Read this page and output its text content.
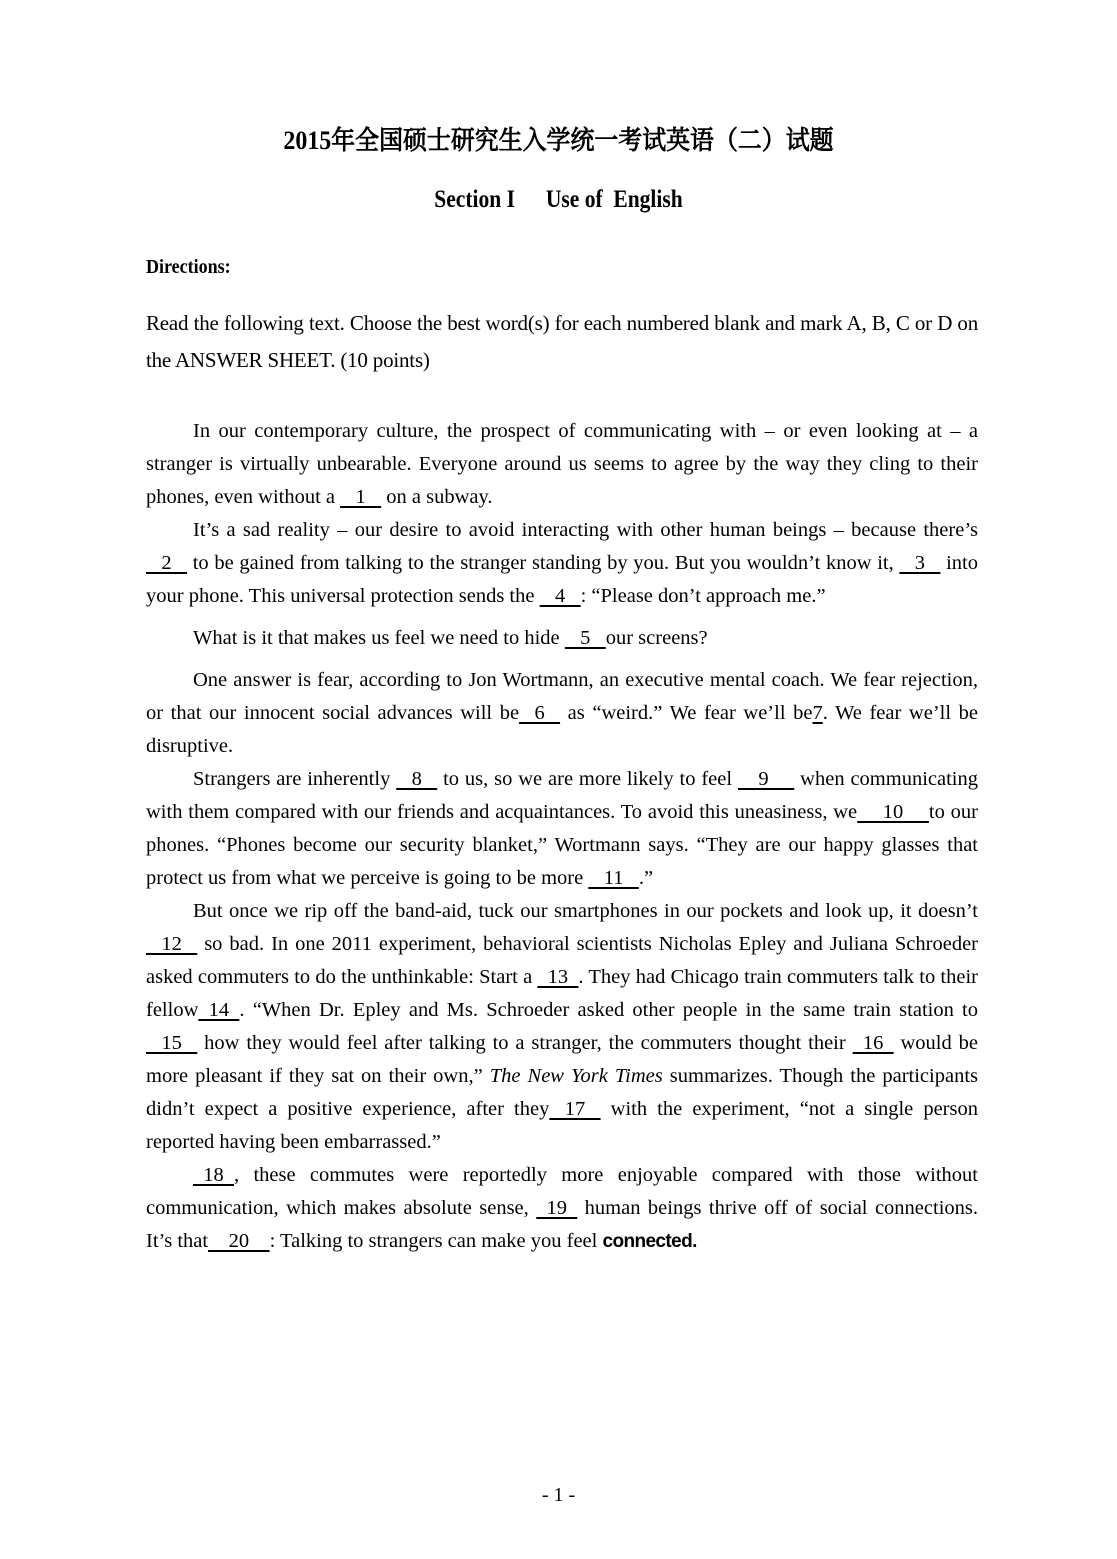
2015年全国硕士研究生入学统一考试英语（二）试题
Section I Use of  English
Directions:
Read the following text. Choose the best word(s) for each numbered blank and mark A, B, C or D on the ANSWER SHEET. (10 points)

In our contemporary culture, the prospect of communicating with – or even looking at – a stranger is virtually unbearable. Everyone around us seems to agree by the way they cling to their phones, even without a    1    on a subway.

It’s a sad reality – our desire to avoid interacting with other human beings – because there’s    2    to be gained from talking to the stranger standing by you. But you wouldn’t know it,    3    into your phone. This universal protection sends the    4   : “Please don’t approach me.”

What is it that makes us feel we need to hide    5   our screens?

One answer is fear, according to Jon Wortmann, an executive mental coach. We fear rejection, or that our innocent social advances will be   6    as “weird.” We fear we’ll be7. We fear we’ll be disruptive.

Strangers are inherently    8    to us, so we are more likely to feel     9      when communicating with them compared with our friends and acquaintances. To avoid this uneasiness, we     10     to our phones. “Phones become our security blanket,” Wortmann says. “They are our happy glasses that protect us from what we perceive is going to be more    11   .”

But once we rip off the band-aid, tuck our smartphones in our pockets and look up, it doesn’t   12    so bad. In one 2011 experiment, behavioral scientists Nicholas Epley and Juliana Schroeder asked commuters to do the unthinkable: Start a   13  . They had Chicago train commuters talk to their fellow  14  . “When Dr. Epley and Ms. Schroeder asked other people in the same train station to    15    how they would feel after talking to a stranger, the commuters thought their   16   would be more pleasant if they sat on their own,” The New York Times summarizes. Though the participants didn’t expect a positive experience, after they   17    with the experiment, “not a single person reported having been embarrassed.”

18  , these commutes were reportedly more enjoyable compared with those without communication, which makes absolute sense,   19   human beings thrive off of social connections. It’s that    20    : Talking to strangers can make you feel connected.

- 1 -
